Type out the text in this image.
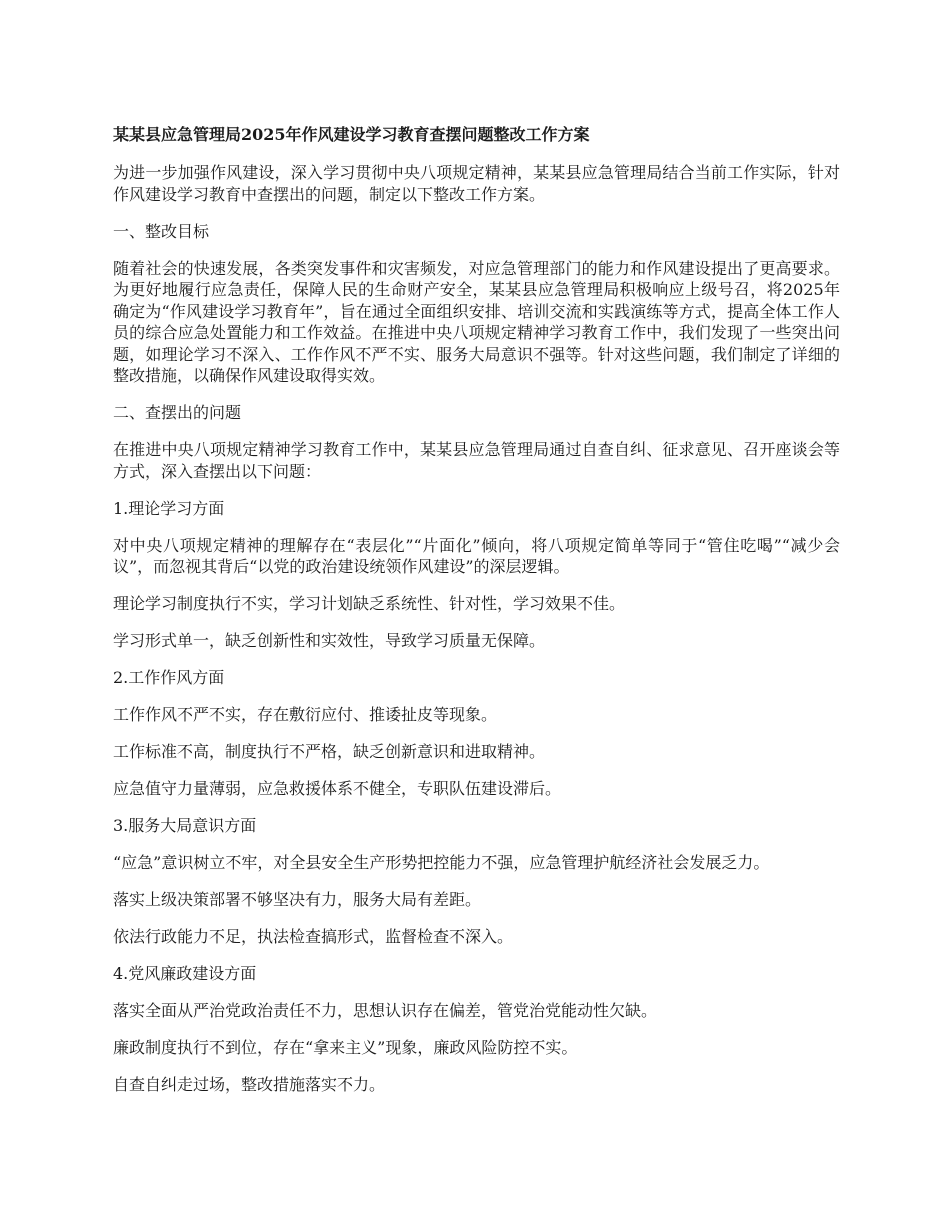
某某县应急管理局2025年作风建设学习教育查摆问题整改工作方案

为进一步加强作风建设，深入学习贯彻中央八项规定精神，某某县应急管理局结合当前工作实际，针对作风建设学习教育中查摆出的问题，制定以下整改工作方案。

一、整改目标

随着社会的快速发展，各类突发事件和灾害频发，对应急管理部门的能力和作风建设提出了更高要求。为更好地履行应急责任，保障人民的生命财产安全，某某县应急管理局积极响应上级号召，将2025年确定为“作风建设学习教育年”，旨在通过全面组织安排、培训交流和实践演练等方式，提高全体工作人员的综合应急处置能力和工作效益。在推进中央八项规定精神学习教育工作中，我们发现了一些突出问题，如理论学习不深入、工作作风不严不实、服务大局意识不强等。针对这些问题，我们制定了详细的整改措施，以确保作风建设取得实效。

二、查摆出的问题

在推进中央八项规定精神学习教育工作中，某某县应急管理局通过自查自纠、征求意见、召开座谈会等方式，深入查摆出以下问题：

1.理论学习方面

对中央八项规定精神的理解存在“表层化”“片面化”倾向，将八项规定简单等同于“管住吃喝”“减少会议”，而忽视其背后“以党的政治建设统领作风建设”的深层逻辑。

理论学习制度执行不实，学习计划缺乏系统性、针对性，学习效果不佳。

学习形式单一，缺乏创新性和实效性，导致学习质量无保障。

2.工作作风方面

工作作风不严不实，存在敷衍应付、推诿扯皮等现象。

工作标准不高，制度执行不严格，缺乏创新意识和进取精神。

应急值守力量薄弱，应急救援体系不健全，专职队伍建设滞后。

3.服务大局意识方面

“应急”意识树立不牢，对全县安全生产形势把控能力不强，应急管理护航经济社会发展乏力。

落实上级决策部署不够坚决有力，服务大局有差距。

依法行政能力不足，执法检查搞形式，监督检查不深入。

4.党风廉政建设方面

落实全面从严治党政治责任不力，思想认识存在偏差，管党治党能动性欠缺。

廉政制度执行不到位，存在“拿来主义”现象，廉政风险防控不实。

自查自纠走过场，整改措施落实不力。
